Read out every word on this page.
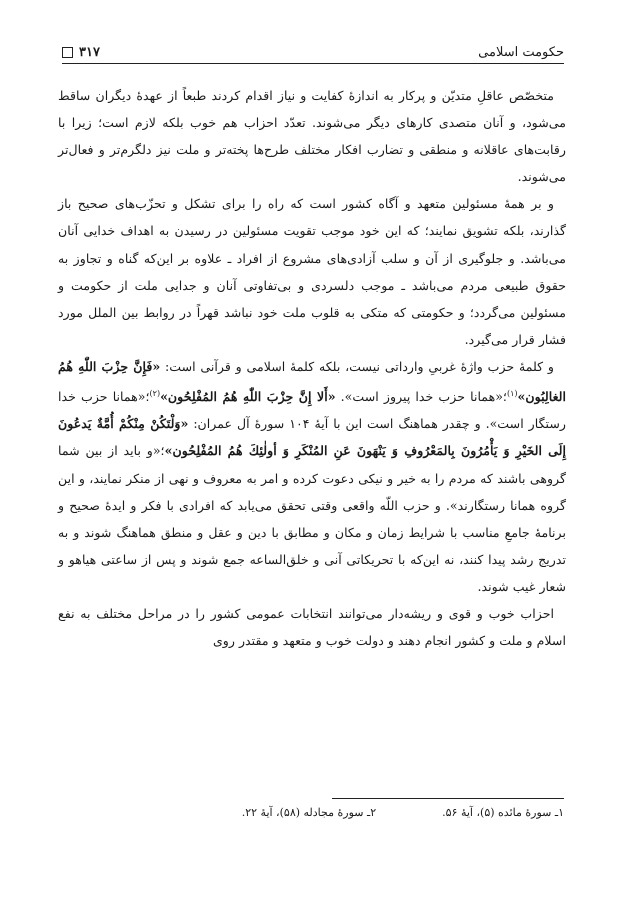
حکومت اسلامی
۳۱۷

متخصّص عاقلِ متدیّن و پرکار به اندازهٔ کفایت و نیاز اقدام کردند طبعاً از عهدهٔ دیگران ساقط می‌شود، و آنان متصدی کارهای دیگر می‌شوند. تعدّد احزاب هم خوب بلکه لازم است؛ زیرا با رقابت‌های عاقلانه و منطقی و تضارب افکار مختلف طرح‌ها پخته‌تر و ملت نیز دلگرم‌تر و فعال‌تر می‌شوند.

و بر همهٔ مسئولین متعهد و آگاه کشور است که راه را برای تشکل و تحزّب‌های صحیح باز گذارند، بلکه تشویق نمایند؛ که این خود موجب تقویت مسئولین در رسیدن به اهداف خدایی آنان می‌باشد. و جلوگیری از آن و سلب آزادی‌های مشروع از افراد ـ علاوه بر این‌که گناه و تجاوز به حقوق طبیعی مردم می‌باشد ـ موجب دلسردی و بی‌تفاوتی آنان و جدایی ملت از حکومت و مسئولین می‌گردد؛ و حکومتی که متکی به قلوب ملت خود نباشد قهراً در روابط بین الملل مورد فشار قرار می‌گیرد.

و کلمهٔ حزب واژهٔ غربیِ وارداتی نیست، بلکه کلمهٔ اسلامی و قرآنی است: «فَإِنَّ حِزْبَ اللّٰهِ هُمُ الغالِبُون»$^{(۱)}$؛«همانا حزب خدا پیروز است». «أَلا إِنَّ حِزْبَ اللّٰهِ هُمُ المُفْلِحُون»$^{(۲)}$؛«همانا حزب خدا رستگار است». و چقدر هماهنگ است این با آیهٔ ۱۰۴ سورهٔ آل عمران: «وَلْتَكُنْ مِنْكُمْ أُمَّةٌ يَدعُونَ إِلَى الخَيْرِ وَ يَأْمُرُونَ بِالمَعْرُوفِ وَ يَنْهَونَ عَنِ المُنْكَرِ وَ أولٰئِكَ هُمُ المُفْلِحُون»؛«و باید از بین شما گروهی باشند که مردم را به خیر و نیکی دعوت کرده و امر به معروف و نهی از منکر نمایند، و این گروه همانا رستگارند». و حزب اللّه واقعی وقتی تحقق می‌یابد که افرادی با فکر و ایدهٔ صحیح و برنامهٔ جامعِ مناسب با شرایط زمان و مکان و مطابق با دین و عقل و منطق هماهنگ شوند و به تدریج رشد پیدا کنند، نه این‌که با تحریکاتی آنی و خلق‌الساعه جمع شوند و پس از ساعتی هیاهو و شعار غیب شوند.

احزاب خوب و قوی و ریشه‌دار می‌توانند انتخابات عمومی کشور را در مراحل مختلف به نفع اسلام و ملت و کشور انجام دهند و دولت خوب و متعهد و مقتدر روی

۱ـ سورهٔ مائده (۵)، آیهٔ ۵۶.
۲ـ سورهٔ مجادله (۵۸)، آیهٔ ۲۲.
